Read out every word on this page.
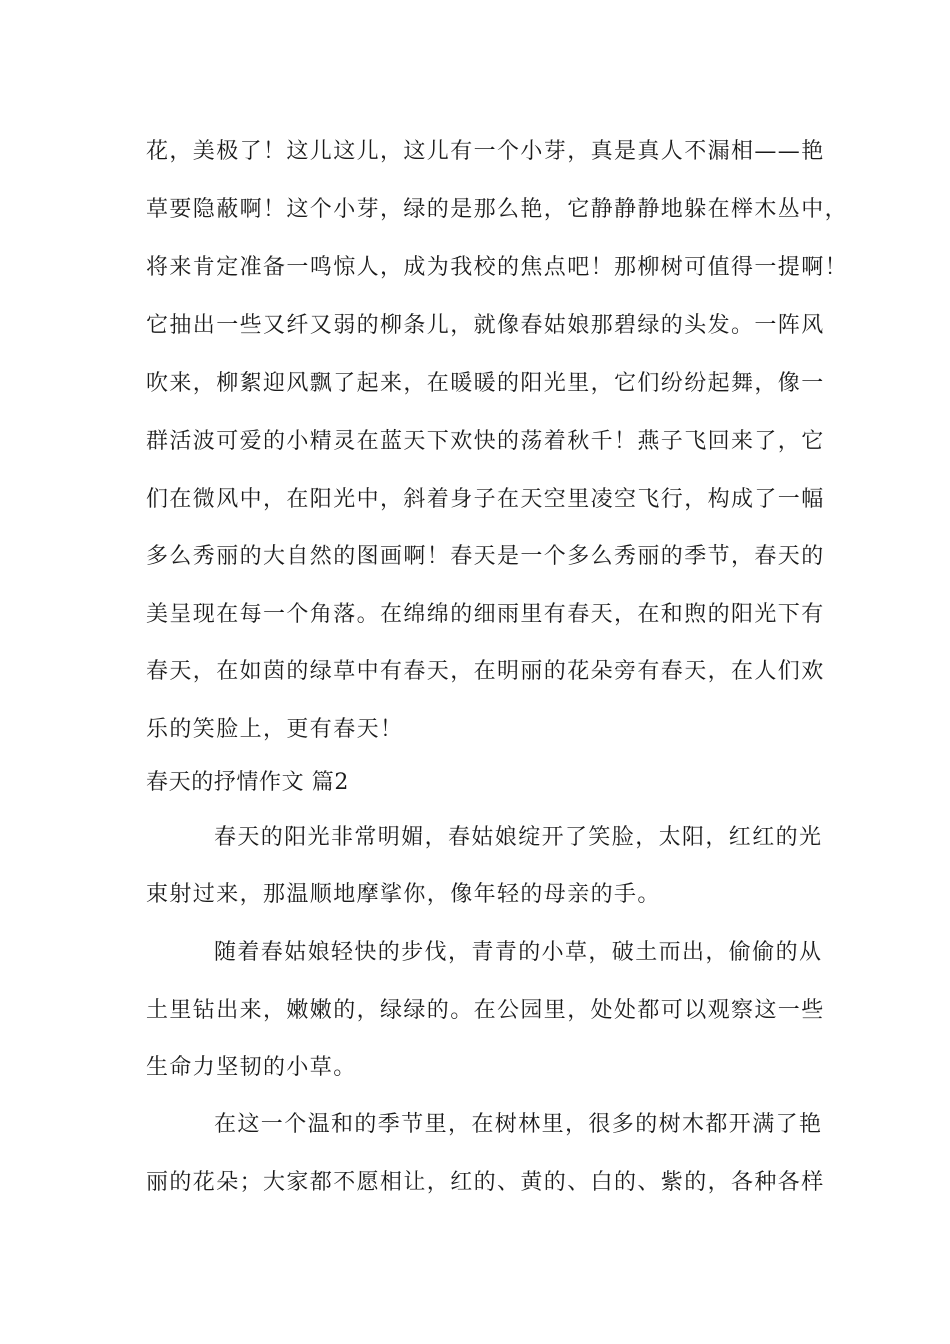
花，美极了！这儿这儿，这儿有一个小芽，真是真人不漏相——艳
草要隐蔽啊！这个小芽，绿的是那么艳，它静静静地躲在榉木丛中，
将来肯定准备一鸣惊人，成为我校的焦点吧！那柳树可值得一提啊！
它抽出一些又纤又弱的柳条儿，就像春姑娘那碧绿的头发。一阵风
吹来，柳絮迎风飘了起来，在暖暖的阳光里，它们纷纷起舞，像一
群活波可爱的小精灵在蓝天下欢快的荡着秋千！燕子飞回来了，它
们在微风中，在阳光中，斜着身子在天空里凌空飞行，构成了一幅
多么秀丽的大自然的图画啊！春天是一个多么秀丽的季节，春天的
美呈现在每一个角落。在绵绵的细雨里有春天，在和煦的阳光下有
春天，在如茵的绿草中有春天，在明丽的花朵旁有春天，在人们欢
乐的笑脸上，更有春天！
春天的抒情作文 篇2
春天的阳光非常明媚，春姑娘绽开了笑脸，太阳，红红的光
束射过来，那温顺地摩挲你，像年轻的母亲的手。
随着春姑娘轻快的步伐，青青的小草，破土而出，偷偷的从
土里钻出来，嫩嫩的，绿绿的。在公园里，处处都可以观察这一些
生命力坚韧的小草。
在这一个温和的季节里，在树林里，很多的树木都开满了艳
丽的花朵；大家都不愿相让，红的、黄的、白的、紫的，各种各样
